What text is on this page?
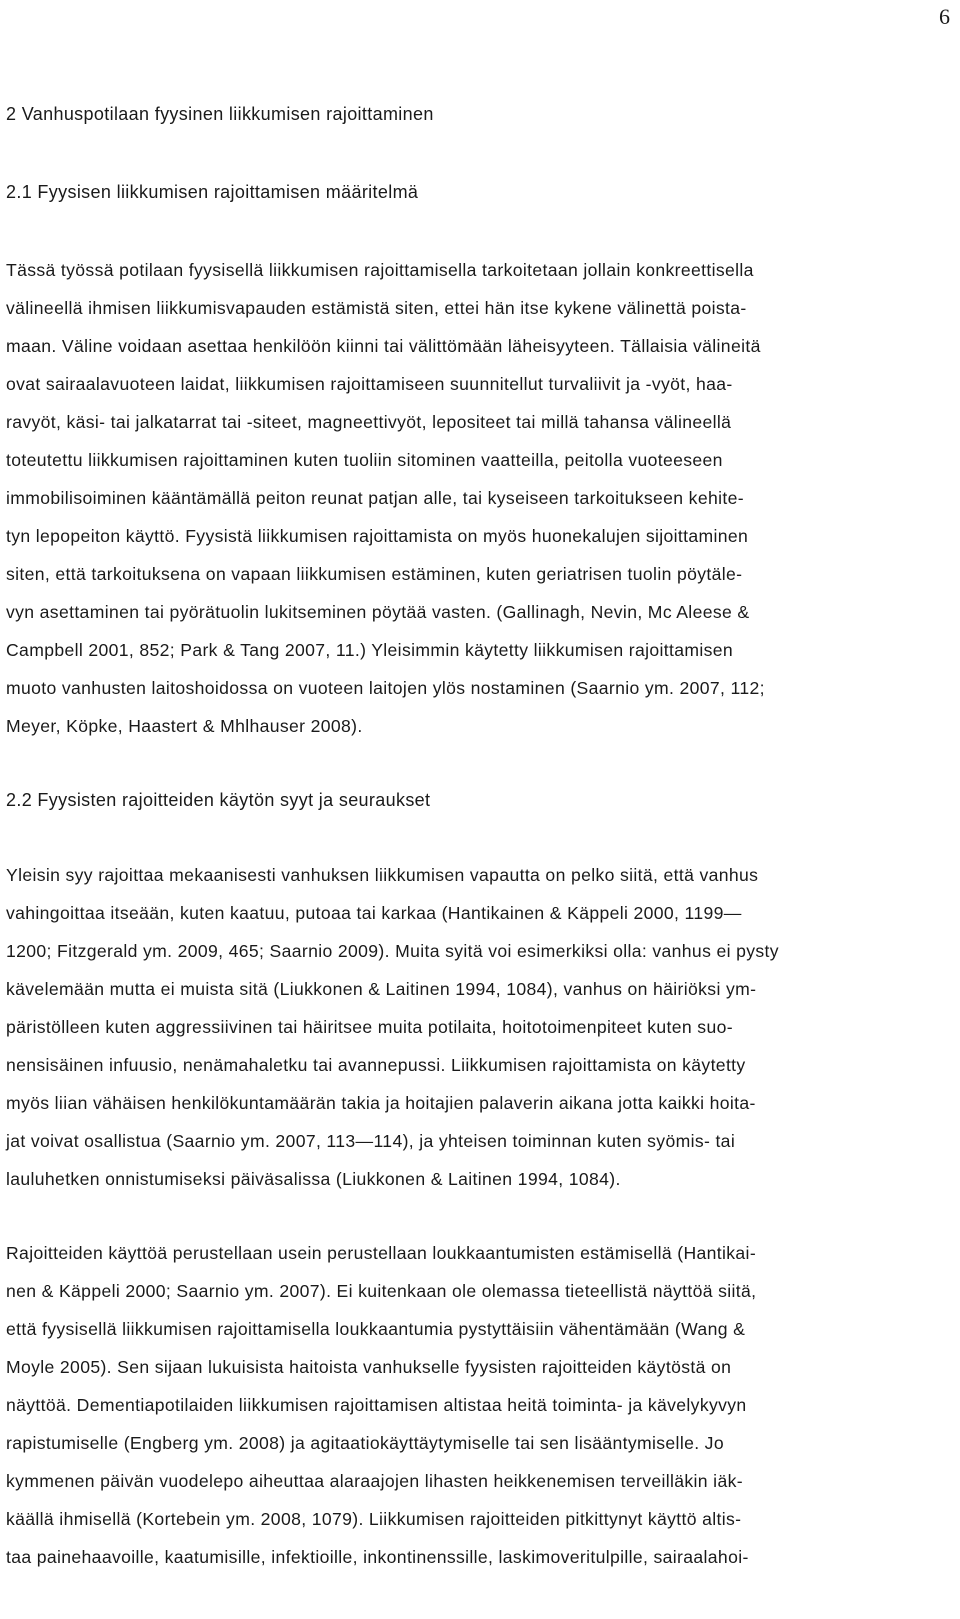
6
2 Vanhuspotilaan fyysinen liikkumisen rajoittaminen
2.1 Fyysisen liikkumisen rajoittamisen määritelmä
Tässä työssä potilaan fyysisellä liikkumisen rajoittamisella tarkoitetaan jollain konkreettisella
välineellä ihmisen liikkumisvapauden estämistä siten, ettei hän itse kykene välinettä poista-
maan. Väline voidaan asettaa henkilöön kiinni tai välittömään läheisyyteen. Tällaisia välineitä
ovat sairaalavuoteen laidat, liikkumisen rajoittamiseen suunnitellut turvaliivit ja -vyöt, haa-
ravyöt, käsi- tai jalkatarrat tai -siteet, magneettivyöt, lepositeet tai millä tahansa välineellä
toteutettu liikkumisen rajoittaminen kuten tuoliin sitominen vaatteilla, peitolla vuoteeseen
immobilisoiminen kääntämällä peiton reunat patjan alle, tai kyseiseen tarkoitukseen kehite-
tyn lepopeiton käyttö. Fyysistä liikkumisen rajoittamista on myös huonekalujen sijoittaminen
siten, että tarkoituksena on vapaan liikkumisen estäminen, kuten geriatrisen tuolin pöytäle-
vyn asettaminen tai pyörätuolin lukitseminen pöytää vasten. (Gallinagh, Nevin, Mc Aleese &
Campbell 2001, 852; Park & Tang 2007, 11.) Yleisimmin käytetty liikkumisen rajoittamisen
muoto vanhusten laitoshoidossa on vuoteen laitojen ylös nostaminen (Saarnio ym. 2007, 112;
Meyer, Köpke, Haastert & Mhlhauser 2008).
2.2 Fyysisten rajoitteiden käytön syyt ja seuraukset
Yleisin syy rajoittaa mekaanisesti vanhuksen liikkumisen vapautta on pelko siitä, että vanhus
vahingoittaa itseään, kuten kaatuu, putoaa tai karkaa (Hantikainen & Käppeli 2000, 1199—
1200; Fitzgerald ym. 2009, 465; Saarnio 2009). Muita syitä voi esimerkiksi olla: vanhus ei pysty
kävelemään mutta ei muista sitä (Liukkonen & Laitinen 1994, 1084), vanhus on häiriöksi ym-
päristölleen kuten aggressiivinen tai häiritsee muita potilaita, hoitotoimenpiteet kuten suo-
nensisäinen infuusio, nenämahaletku tai avannepussi. Liikkumisen rajoittamista on käytetty
myös liian vähäisen henkilökuntamäärän takia ja hoitajien palaverin aikana jotta kaikki hoita-
jat voivat osallistua (Saarnio ym. 2007, 113—114), ja yhteisen toiminnan kuten syömis- tai
lauluhetken onnistumiseksi päiväsalissa (Liukkonen & Laitinen 1994, 1084).
Rajoitteiden käyttöä perustellaan usein perustellaan loukkaantumisten estämisellä (Hantikai-
nen & Käppeli 2000; Saarnio ym. 2007). Ei kuitenkaan ole olemassa tieteellistä näyttöä siitä,
että fyysisellä liikkumisen rajoittamisella loukkaantumia pystyttäisiin vähentämään (Wang &
Moyle 2005). Sen sijaan lukuisista haitoista vanhukselle fyysisten rajoitteiden käytöstä on
näyttöä. Dementiapotilaiden liikkumisen rajoittamisen altistaa heitä toiminta- ja kävelykyvyn
rapistumiselle (Engberg ym. 2008) ja agitaatiokäyttäytymiselle tai sen lisääntymiselle. Jo
kymmenen päivän vuodelepo aiheuttaa alaraajojen lihasten heikkenemisen terveilläkin iäk-
käällä ihmisellä (Kortebein ym. 2008, 1079). Liikkumisen rajoitteiden pitkittynyt käyttö altis-
taa painehaavoille, kaatumisille, infektioille, inkontinenssille, laskimoveritulpille, sairaalahoi-
